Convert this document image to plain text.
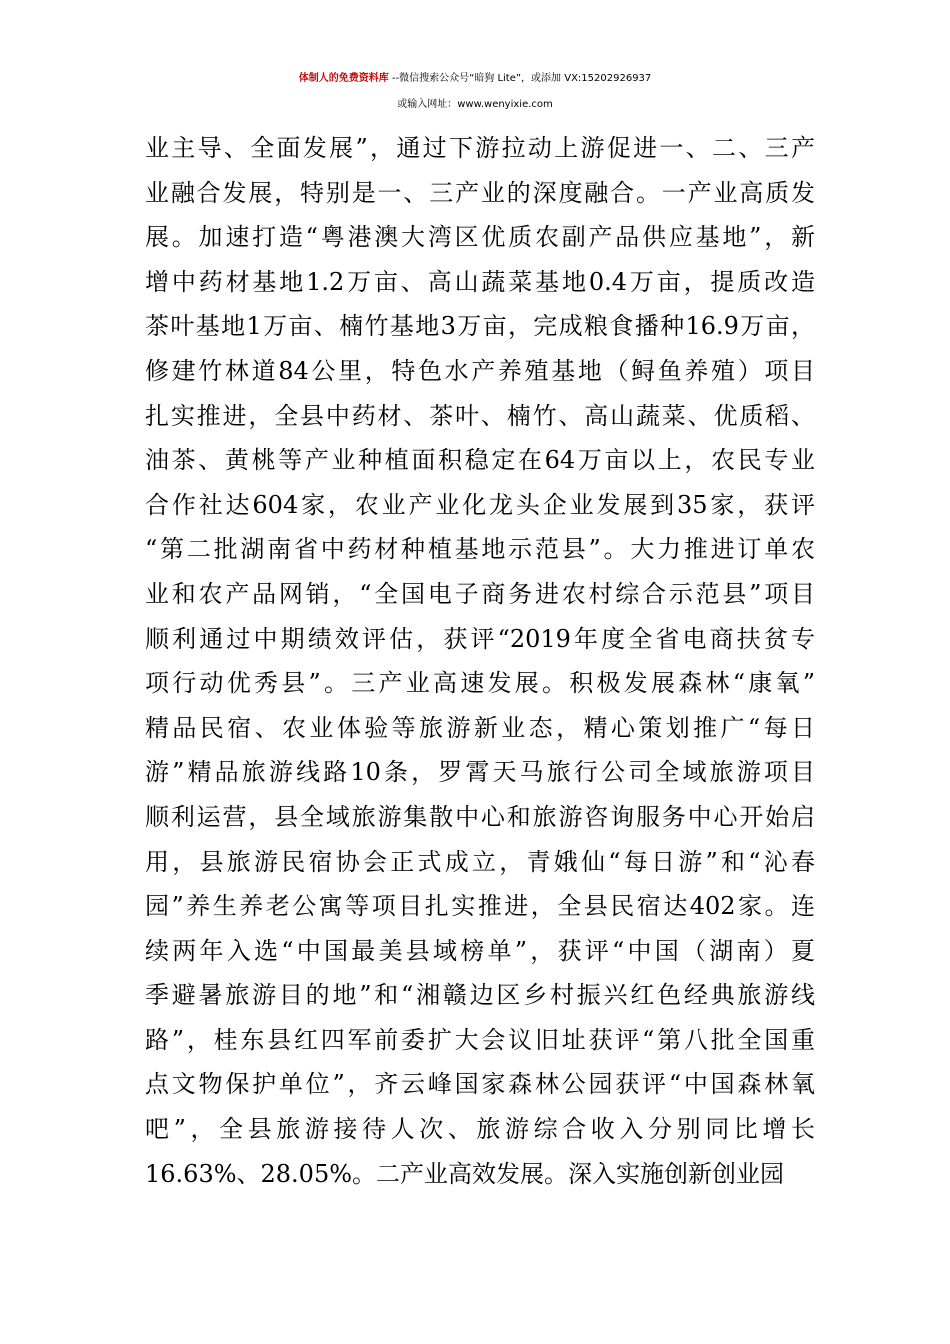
体制人的免费资料库 --微信搜索公众号“暗狗 Lite”，或添加 VX:15202926937
或输入网址：www.wenyixie.com
业主导、全面发展”，通过下游拉动上游促进一、二、三产
业融合发展，特别是一、三产业的深度融合。一产业高质发
展。加速打造“粤港澳大湾区优质农副产品供应基地”，新
增中药材基地1.2万亩、高山蔬菜基地0.4万亩，提质改造
茶叶基地1万亩、楠竹基地3万亩，完成粮食播种16.9万亩，
修建竹林道84公里，特色水产养殖基地（鲟鱼养殖）项目
扎实推进，全县中药材、茶叶、楠竹、高山蔬菜、优质稻、
油茶、黄桃等产业种植面积稳定在64万亩以上，农民专业
合作社达604家，农业产业化龙头企业发展到35家，获评
“第二批湖南省中药材种植基地示范县”。大力推进订单农
业和农产品网销，“全国电子商务进农村综合示范县”项目
顺利通过中期绩效评估，获评“2019年度全省电商扶贫专
项行动优秀县”。三产业高速发展。积极发展森林“康氧”
精品民宿、农业体验等旅游新业态，精心策划推广“每日
游”精品旅游线路10条，罗霄天马旅行公司全域旅游项目
顺利运营，县全域旅游集散中心和旅游咨询服务中心开始启
用，县旅游民宿协会正式成立，青娥仙“每日游”和“沁春
园”养生养老公寓等项目扎实推进，全县民宿达402家。连
续两年入选“中国最美县域榜单”，获评“中国（湖南）夏
季避暑旅游目的地”和“湘赣边区乡村振兴红色经典旅游线
路”，桂东县红四军前委扩大会议旧址获评“第八批全国重
点文物保护单位”，齐云峰国家森林公园获评“中国森林氧
吧”，全县旅游接待人次、旅游综合收入分别同比增长
16.63%、28.05%。二产业高效发展。深入实施创新创业园
